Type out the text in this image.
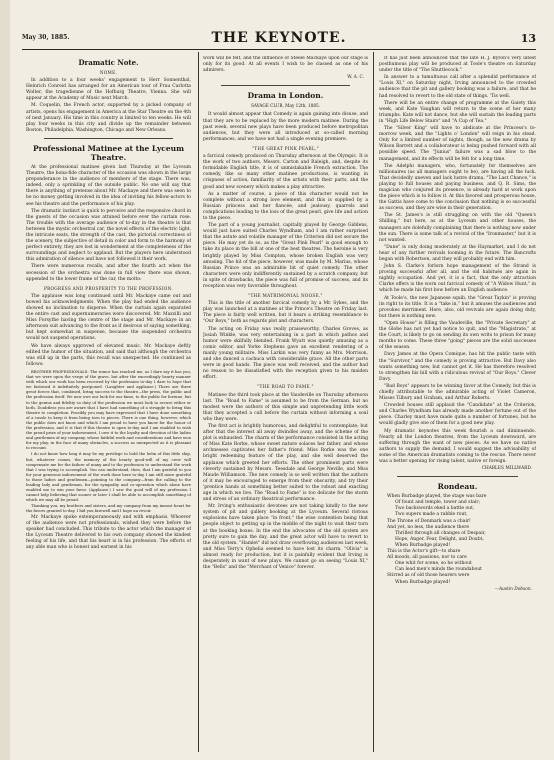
May 30, 1885.	THE KEYNOTE.	13
Dramatic Note.
NOME.

In addition to a four weeks' engagement to Herr Sonnenthal, Heinrich Conreid has arranged for an American tour of Frau Carlotta Wolter, the tragedienne of the Hofburg Theatre, Vienna. She will appear at the Academy of Music next March.

M. Coquelin, the French actor, supported by a picked company of artists, opens his engagement in America at the Star Theatre on the 4th of next January. His time in this country is limited to ten weeks. He will play four weeks in this city and divide up the remainder between Boston, Philadelphia, Washington, Chicago and New Orleans.

Professional Matinee at the Lyceum Theatre.

At the professional matinee given last Thursday at the Lyceum Theatre, the bona-fide character of the occasion was shown in the large preponderance in the audience of members of the stage. There was, indeed, only a sprinkling of the outside public. No one will say that there is anything of pretense about Mr. Mackaye and there was seen to be no money getting involved in the idea of inviting his fellow-actors to see his theatre and the performance of his play.

The dramatic instinct is quick to perceive and the responsive chord in the guests of the occasion was attuned before ever the curtain rose. The trouble with the average audience of to-day in the theatre is that between the mystic orchestral car, the novel effects of the electric light, the intricate seats, the strength of the cast, the pictorial correctness of the scenery, the subjective of detail in color and form to the harmony of perfect entirety, they are lost in wonderment at the completeness of the surroundings and neglect to applaud. But the players here understood this admiration of silence and have not followed it their work.

There were numerous recalls, and after the fourth act when the secession of the orchestra was done in full view there was shown, appended to the lower frame of the car, the motto:

PROGRESS AND PROSPERITY TO THE PROFESSION.

The applause was long continued until Mr. Mackaye came out and bowed his acknowledgments. When the play had ended the audience showed no inclination to disperse. When the curtain again separated the entire cast and supernumeraries were discovered. Mr. Mazzilli and Miss Forsythe having the centre of the stage and Mr. Mackaye in an afternoon suit advancing to the front as if desirous of saying something, but kept somewhat in suspense, because the suspended orchestra would not suspend operations.

We have always approved of elevated music. Mr. Mackaye deftly edited the humor of the situation, and said that although the orchestra was still up in the parts, this recall was unexpected. He continued as follows:

BROTHER PROFESSIONALS: The rumor has reached me, as I dare say it has you, that we were upon the verge of the grave, but after the exceedingly hearty manner with which our work has been received by the profession to-day I dare to hope that we fastened it indefinitely postponed. (Laughter and applause.) There are three great forces that, combined, bring success to the theatre—the press, the public and the profession itself. We now owe our luck for our fame, to the public for fortune, but to the genius and fidelity so duty of the profession we must look to secure either or both. Doubtless you are aware that I have had something of a struggle to bring this theatre to completion. Possibly you may have expressed that I have done something of a tussle to keep it from being torn to pieces. There is one thing, however, which the public does not know and which I am proud to have you know for the honor of the profession, and it is that if this theatre is open to-day and I am enabled to wish the proud prize of your indorsement, I owe it to the loyalty and devotion of the ladies and gentlemen of my company, whose faithful work and considerations and have won for my play, in the face of many obstacles, a success as unexpected as it is pleasant to recount.

I do not know how long it may be my privilege to hold the helm of this little ship, but, whatever comes, the memory of the hearty good-will of my crew will compensate me for the failure of many and to the profession to understand the work that I was trying to accomplish. You can understand, then, that I am grateful to you for your generous indorsement of the work done here to-day I am still more grateful to those ladies and gentlemen—pointing to the company—from the calling to the leading lady and gentleman, for the sympathy and co-operation which alone have enabled me to win your favor. (Applause.) I saw the good will of my profession I cannot help believing that sooner or later I shall be able to accomplish something of which we may all be proud.

Thanking you, my brothers and sisters, and my company from my inmost heart for the favors granted to-day, I bid you farewell and I hope au revoir.

Mr. Mackaye spoke extemporaneously and with emphasis. Whoever of the audience were not professionals, wished they were before the speaker had concluded. This tribute to the actor which the manager of the Lyceum Theatre delivered to his own company showed the kindest feeling of his life, and that his heart is in his profession. The efforts of any able man who is honest and earnest in his

work will be felt, and the influence of Steele Mackaye upon our stage is only for its good. At all events I wish to be classed as one of his admirers.

W. A. C.
Drama in London.
SAVAGE CLUB, May 12th, 1885.

It would almost appear that Comedy is again gaining into disuse, and that they are to be replaced by the more modern matinee. During the past week, several new plays have been produced before metropolitan audiences, but they were all introduced at so-called morning performances, and we have not had a single evening premiere.

"THE GREAT PINK PEARL,"

a farcical comedy produced on Thursday afternoon at the Olympic. It is the work of two authors, Messrs. Carton and Raleigh, and, despite its formidable English title, it is of unmistakable French extraction. The comedy, like so many other matinee productions, is wanting in crispness of action, familiarity of the artists with their parts, and the good and new scenery which makes a play attractive.

As a matter of course, a piece of this character would not be complete without a strong love element, and this is supplied by a Russian princess and her fiancée, and jealousy, quarrels and complications leading to the loss of the great pearl, give life and action to the piece.

The part of a young journalist, capitally played by George Giddens, would just have suited Charles Wyndham, and I am rather surprised that the astute and volatile manager of the Criterion did not secure the piece. He may yet do so, as the "Great Pink Pearl" is good enough to take its place in the bill at one of the best theatres. The heroine is very brightly played by Miss Compton, whose broken English was very amusing. The hit of the piece, however, was made by M. Marius, whose Russian Prince was an admirable bit of quiet comedy. The other characters were only indifferently sustained by a scratch company, but in spite of drawbacks, the piece was full of promise of success, and its reception was very favorable throughout.

"THE MATRIMONIAL NOOSE."

This is the title of another farcical comedy by a Mr. Sykes, and the play was launched at a matinee at the Prince's Theatre on Friday last. The piece is fairly well written, but it bears a striking resemblance to "Our Boys," both as regards plot and characters.

The acting on Friday was really praiseworthy. Charles Groves, as Josiah Winkle, was very entertaining in a part in which pathos and humor were skilfully blended. Frank Wyatt was quietly amusing as a comic editor, and Yorke Stephens gave an excellent rendering of a manly young militaire. Miss Larkin was very funny as Mrs. Morrison, and she danced a cachuca with considerable grace. All the other parts were in good hands. The piece was well received, and the author had no reason to be dissatisfied with the reception given to his maiden effort.

"THE ROAD TO FAME."

Matinee the third took place at the Vaudeville on Thursday afternoon last. The "Road to Fame" is assumed to be from the German, but no modest were the authors of this simple and unpretending little work that they accepted a call before the curtain without informing a soul who they were.

The first act is brightly humorous, and delightful to contemplate; but after that the interest all away dwindles away, and the scheme of the plot is exhausted. The charm of the performance consisted in the acting of Miss Kate Rorke, whose sweet nature solaces her father, and whose archnesses captivates her father's friend. Miss Rorke was the one bright redeeming feature of the play, and she well deserved the applause which greeted her efforts. The other prominent parts were cleverly sustained by Messrs. Teesdale and George Neville, and Miss Maude Williamson. The new comedy is so well written that the authors of it may be encouraged to emerge from their obscurity, and try their 'prentice hands at something better suited to the robust and exacting age in which we live. The "Road to Fame" is too delicate for the storm and stress of an ordinary theatrical performance.

Mr. Irving's enthusiastic devotees are not taking kindly to the new system of pit and gallery booking at the Lyceum. Several riotous explosions have taken place "in front," the wise contention being that people object to getting up in the middle of the night to wait their turn at the booking boxes. In the end the advocates of the old system are pretty sure to gain the day, and the great actor will have to revert to the old system. "Hamlet" did not draw overflowing audiences last week, and Miss Terry's Ophelia seemed to have lost its charm. "Olivia" is almost ready for production, but it is painfully evident that Irving is desperately in want of new plays. We cannot go on seeing "Louis XI," the "Bells" and the "Merchant of Venice" forever.

It has just been announced that the late H. J. Byron's very latest posthumous play will be produced at Toole's theatre on Saturday under the title of "The Shuttlecock."

In answer to a tumultuous call after a splendid performance of "Louis XI," on Saturday night, Irving announced to the crowded audience that the pit and gallery booking was a failure, and that he had resolved to revert to the old state of things. 'Tis well.

There will be an entire change of programme at the Gaiety this week, and Kate Vaughan will return to the scene of her many triumphs. Kate will not dance, but she will sustain the leading parts in "High Life Below Stairs" and "A Cup of Tea."

The "Silver King" will have to abdicate at the Princess's to-morrow week, and the "Lights o' London" will reign in his stead. Only for a limited number of nights, though, as the new drama by Wilson Barrett and a collaborateur is being pushed forward with all possible speed. The "Junius" failure was a sad blow to the management, and its effects will be felt for a long time.

The Adelphi managers, who, fortunately for themselves are millionaires (as all managers ought to be), are having all the luck. That decidedly uneven and lack lustre drama, "The Last Chance," is playing to full houses and paying business, and Q. R. Sims, the magician who conjured its presence, is already hard at work upon the piece which is to follow it. At this favored and prosperous house, the Gattis have come to the conclusion that nothing is so successful as success, and they are wise in their generation.

The St. James's is still struggling on with the old "Queen's Shilling," but here, as at the Lyceum and other houses, the managers are dolefully complaining that there is nothing now under the sun. There is some talk of a revival of the "Ironmaster," but it is not wanted.

"Dune" is only doing moderately at the Haymarket, and I do not hear of any further revivals looming in the future. The Bancrofts began with Robertson, and they will probably end with him.

John S. Clarke's forlorn hope management of the Strand is proving successful after all, and the old habitués are again in nightly occupation. And yet, it is a fact, that the only attraction Clarke offers is the worn out farcical comedy of "A Widow Hunt," in which he made his first bow before an English audience.

At Toole's, the new Japanese squib, the "Great Taykin" is proving its right to its title. It is a "take in," but it amuses the audiences and provokes merriment. Here, also, old revivals are again doing duty, but there is nothing new.

"Open House" is filling the Vaudeville, the "Private Secretary" at the Globe has not yet had notice to quit, and the "Magistrate," at the Court, is likely to go on sending its own writs to prison for many months to come. These three "going" pieces are the solid successes of the season.

Davy James at the Opera Comique, has hit the public taste with the "Survivor," and the comedy is proving attractive. But Davy also wants something new, but cannot get it. He has therefore resolved to strengthen his bill with a ridiculous revival of "Our Boys." Clever Davy.

"Bad Boys" appears to be winning favor at the Comedy, but this is chiefly attributable to the admirable acting of Violet Cameron, Misses Tilbury and Graham, and Arthur Roberts.

Crowded houses still applaud the "Candidate" at the Criterion, and Charles Wyndham has already made another fortune out of the piece. Charley must have made quite a number of fortunes, but he would gladly give one of them for a good new play.

My dramatic keynotes this week flourish a sad diminuendo. Nearly all the London theatres, from the Lyceum downward, are suffering through the want of new pieces. As we have no native authors to supply the demand, I would suggest the advisability of some of the American dramatists coming to the rescue. There never was a better opening for rising talent, native or foreign.

CHARLES MILLWARD.
Rondeau.
When Burbadge played, the stage was bare
Of fount and temple, tower and stair;
Two backswords eked a battle out,
Two supers made a rabble rout,
The Throne of Denmark was a chair!
And yet, no less, the audience there
Thrilled through all changes of Despair,
Hope, Anger, Fear, Delight, and Doubt,
When Burbadge played!
This is the Actor's gift—to share
All moods, all passions, nor to care
One whit for scene, so he without
Can lead men's minds the roundabout
Stirred as of old those hearers were
When Burbadge played!
—Austin Dobson.
